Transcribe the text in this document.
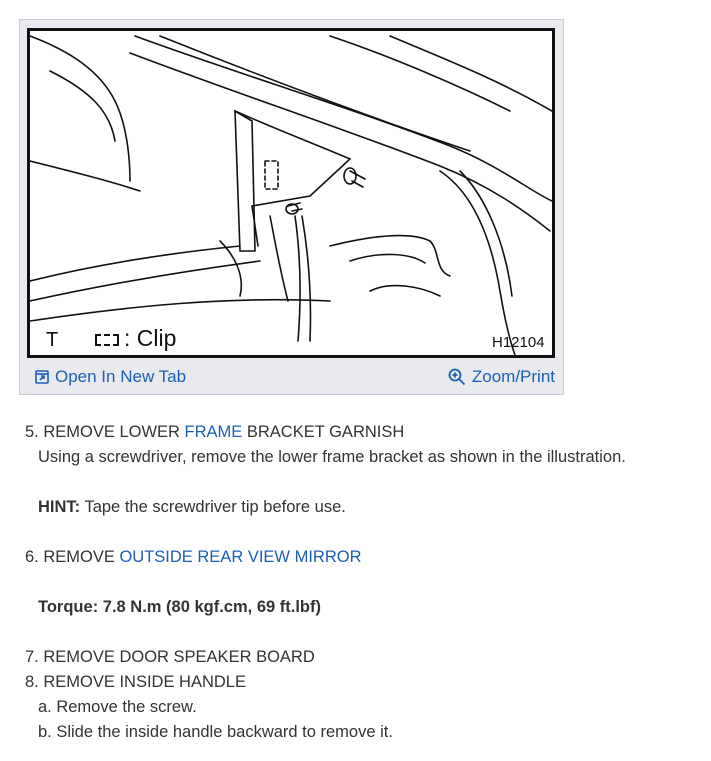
T	: Clip	H12104
Open In New Tab	Zoom/Print
5. REMOVE LOWER FRAME BRACKET GARNISH
Using a screwdriver, remove the lower frame bracket as shown in the illustration.
HINT: Tape the screwdriver tip before use.
6. REMOVE OUTSIDE REAR VIEW MIRROR
Torque: 7.8 N.m (80 kgf.cm, 69 ft.lbf)
7. REMOVE DOOR SPEAKER BOARD
8. REMOVE INSIDE HANDLE
a. Remove the screw.
b. Slide the inside handle backward to remove it.
